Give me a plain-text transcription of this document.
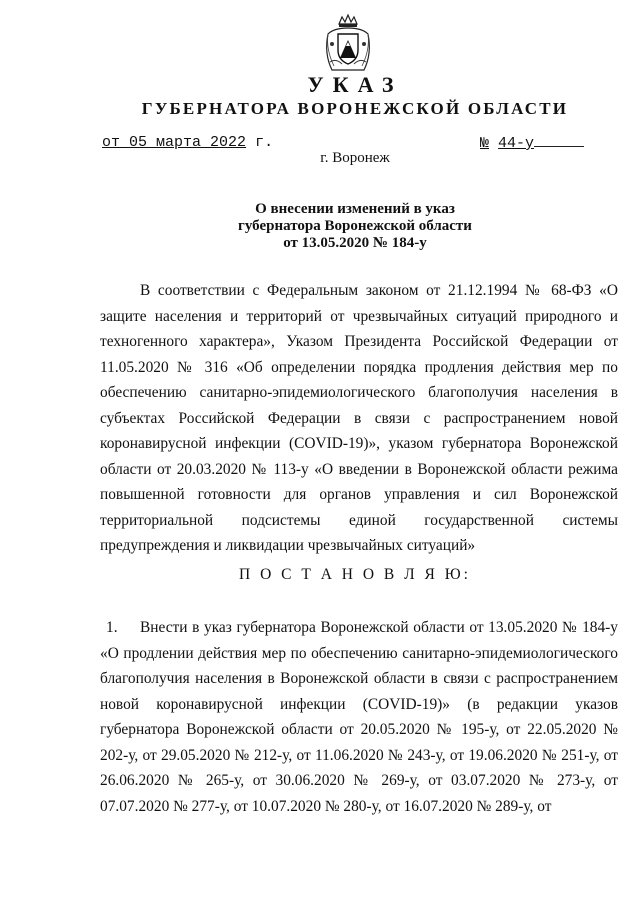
УКАЗ
ГУБЕРНАТОРА ВОРОНЕЖСКОЙ ОБЛАСТИ
от 05 марта 2022 г.	№ 44-у
г. Воронеж
О внесении изменений в указ
губернатора Воронежской области
от 13.05.2020 № 184-у
В соответствии с Федеральным законом от 21.12.1994 № 68-ФЗ «О защите населения и территорий от чрезвычайных ситуаций природного и техногенного характера», Указом Президента Российской Федерации от 11.05.2020 № 316 «Об определении порядка продления действия мер по обеспечению санитарно-эпидемиологического благополучия населения в субъектах Российской Федерации в связи с распространением новой коронавирусной инфекции (COVID-19)», указом губернатора Воронежской области от 20.03.2020 № 113-у «О введении в Воронежской области режима повышенной готовности для органов управления и сил Воронежской территориальной подсистемы единой государственной системы предупреждения и ликвидации чрезвычайных ситуаций»
П О С Т А Н О В Л Я Ю:
1. Внести в указ губернатора Воронежской области от 13.05.2020 № 184-у «О продлении действия мер по обеспечению санитарно-эпидемиологического благополучия населения в Воронежской области в связи с распространением новой коронавирусной инфекции (COVID-19)» (в редакции указов губернатора Воронежской области от 20.05.2020 № 195-у, от 22.05.2020 № 202-у, от 29.05.2020 № 212-у, от 11.06.2020 № 243-у, от 19.06.2020 № 251-у, от 26.06.2020 № 265-у, от 30.06.2020 № 269-у, от 03.07.2020 № 273-у, от 07.07.2020 № 277-у, от 10.07.2020 № 280-у, от 16.07.2020 № 289-у, от
